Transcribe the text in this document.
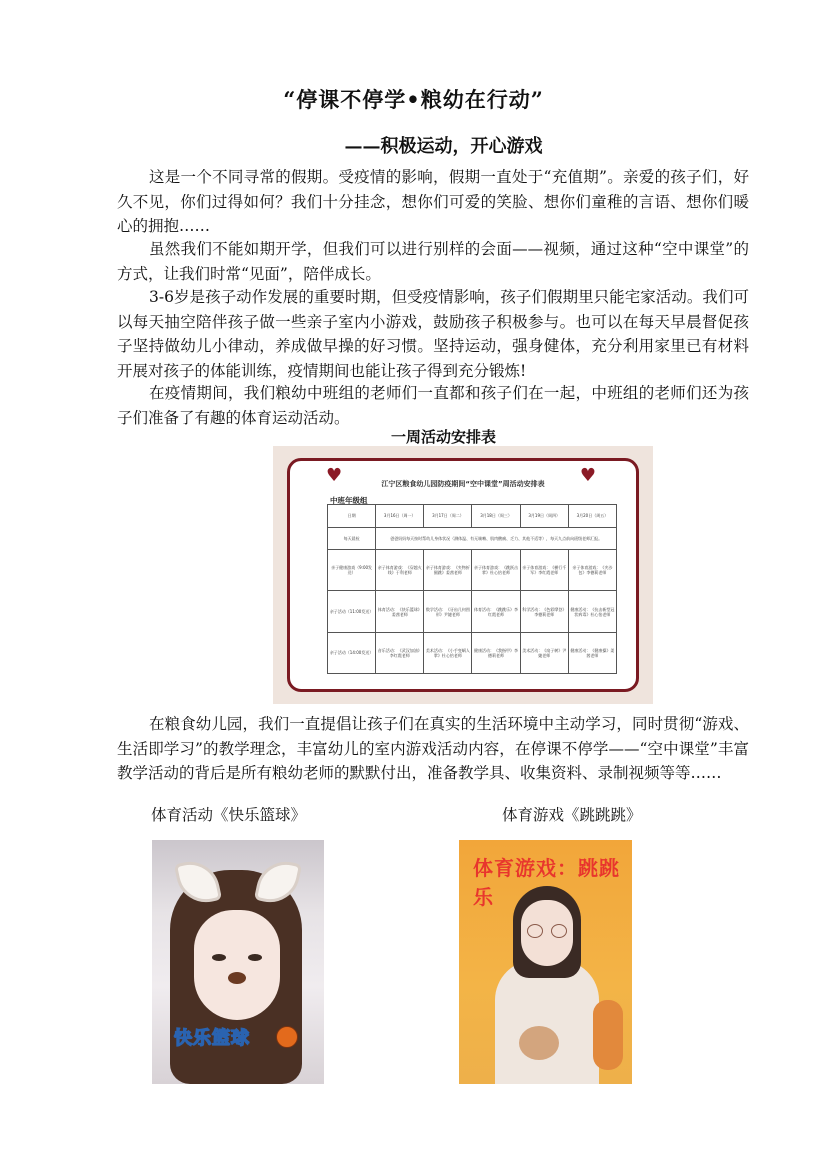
“停课不停学•粮幼在行动”
——积极运动，开心游戏

这是一个不同寻常的假期。受疫情的影响，假期一直处于“充值期”。亲爱的孩子们，好久不见，你们过得如何？我们十分挂念，想你们可爱的笑脸、想你们童稚的言语、想你们暖心的拥抱……

虽然我们不能如期开学，但我们可以进行别样的会面——视频，通过这种“空中课堂”的方式，让我们时常“见面”，陪伴成长。

3-6岁是孩子动作发展的重要时期，但受疫情影响，孩子们假期里只能宅家活动。我们可以每天抽空陪伴孩子做一些亲子室内小游戏，鼓励孩子积极参与。也可以在每天早晨督促孩子坚持做幼儿小律动，养成做早操的好习惯。坚持运动，强身健体，充分利用家里已有材料开展对孩子的体能训练，疫情期间也能让孩子得到充分锻炼!

在疫情期间，我们粮幼中班组的老师们一直都和孩子们在一起，中班组的老师们还为孩子们准备了有趣的体育运动活动。

一周活动安排表
♥	♥
江宁区粮食幼儿园防疫期间“空中课堂”周活动安排表
中班年级组
日期	3月16日（周一）	3月17日（周二）	3月18日（周三）	3月19日（周四）	3月20日（周五）
每天晨检	爸爸妈妈每天按时帮幼儿身体状况（测体温、有无咳嗽、肌肉酸痛、乏力、其他不适等），每天九点前向班级老师汇报。				
亲子健康游戏（9:00发送）	亲子体育游戏：《穿越火线》于利老师	亲子体育游戏：《夹物折腿跳》姜茜老师	亲子体育游戏：《跳跃击掌》杜心怡老师	亲子体育游戏：《横行千军》李红霞老师	亲子体育游戏：《夹沙包》李德莉老师
亲子活动（11:00发送）	体育活动：《快乐篮球》姜茜老师	数学活动：《牙齿几何图形》尹婕老师	体育活动：《跳跳乐》李红霞老师	科学活动：《色彩摩登》李德莉老师	健康活动：《抗击新型冠状病毒》杜心怡老师
亲子活动（14:00发送）	音乐活动：《武汉加油》李红霞老师	美术活动：《小手变蜗人掌》杜心怡老师	健康活动：《我指甲》李德莉老师	美术活动：《扇子树》尹婕老师	健康活动：《健康操》姜茜老师

在粮食幼儿园，我们一直提倡让孩子们在真实的生活环境中主动学习，同时贯彻“游戏、生活即学习”的教学理念，丰富幼儿的室内游戏活动内容，在停课不停学——“空中课堂”丰富教学活动的背后是所有粮幼老师的默默付出，准备教学具、收集资料、录制视频等等……

体育活动《快乐篮球》	体育游戏《跳跳跳》
快乐篮球
体育游戏：跳跳乐
